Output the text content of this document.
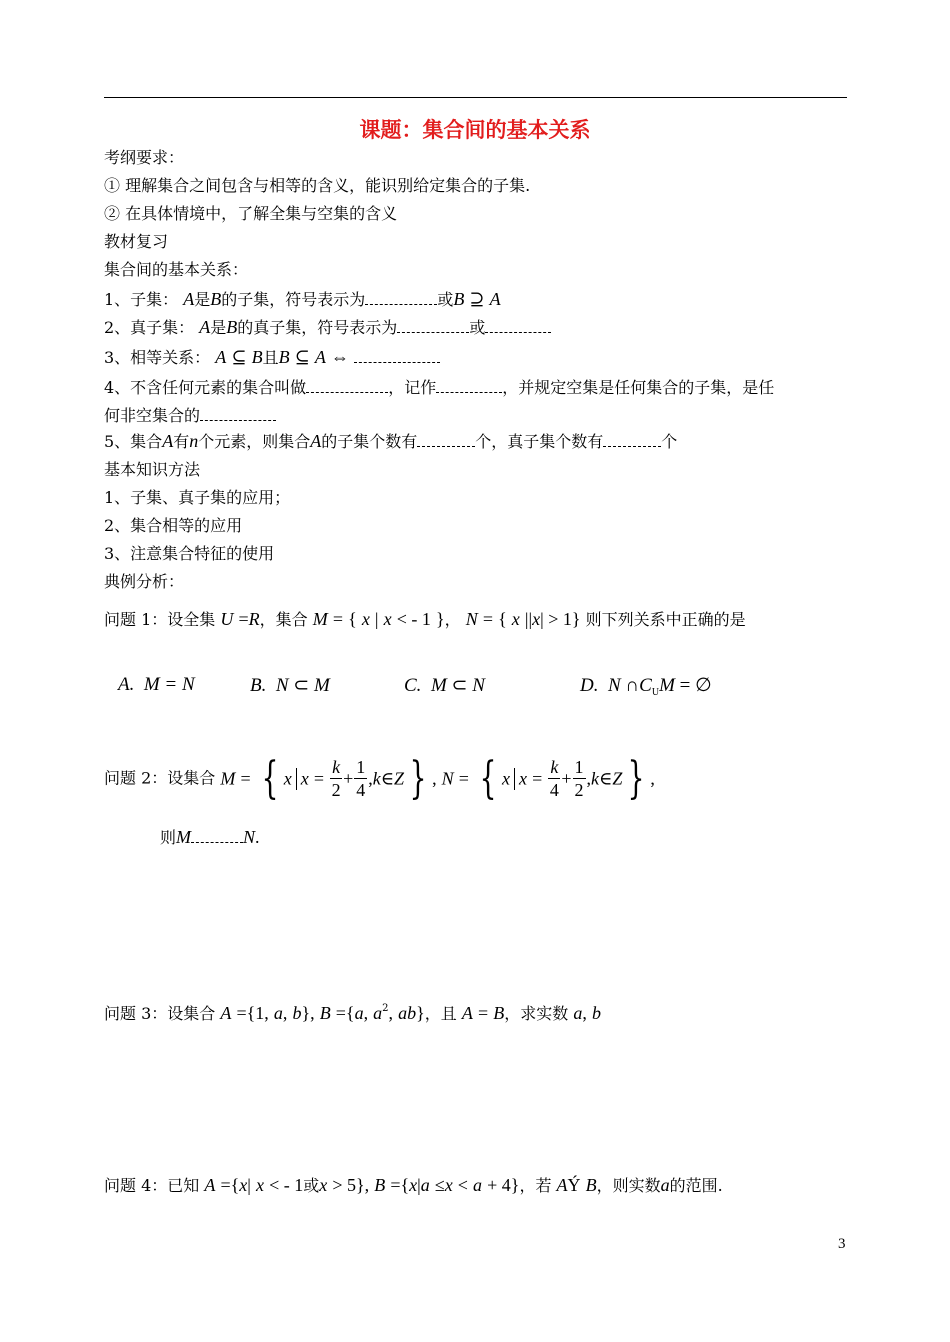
课题：集合间的基本关系
考纲要求：
① 理解集合之间包含与相等的含义，能识别给定集合的子集.
② 在具体情境中，了解全集与空集的含义
教材复习
集合间的基本关系：
1、子集： A是B的子集，符号表示为	或B ⊇ A
2、真子集： A是B的真子集，符号表示为	或
3、相等关系： A ⊆ B且B ⊆ A ⇔
4、不含任何元素的集合叫做	，记作	，并规定空集是任何集合的子集，是任
何非空集合的
5、集合A有n个元素，则集合A的子集个数有	个，真子集个数有	个
基本知识方法
1、子集、真子集的应用；
2、集合相等的应用
3、注意集合特征的使用
典例分析：
问题 1：设全集 U =R，集合 M = { x | x < - 1 }， N = { x ||x| > 1} 则下列关系中正确的是
A.  M = N	B.  N ⊂ M	C.  M ⊂ N	D.  N $\cap C_UM$ = ∅
问题 2：设集合 M = { x $x = \frac{k}{2} + \frac{1}{4}$ ,k∈Z } , N = { x $x = \frac{k}{4} + \frac{1}{2}$ ,k∈Z } ,
则M	N.
问题 3：设集合 A ={1, a, b}, B ={a, $a^2$, ab}，且 A = B，求实数 a, b
问题 4：已知 A ={x| x < - 1或x > 5}, B ={x|a ≤x < a + 4}，若 AÝ B，则实数a的范围.
3
